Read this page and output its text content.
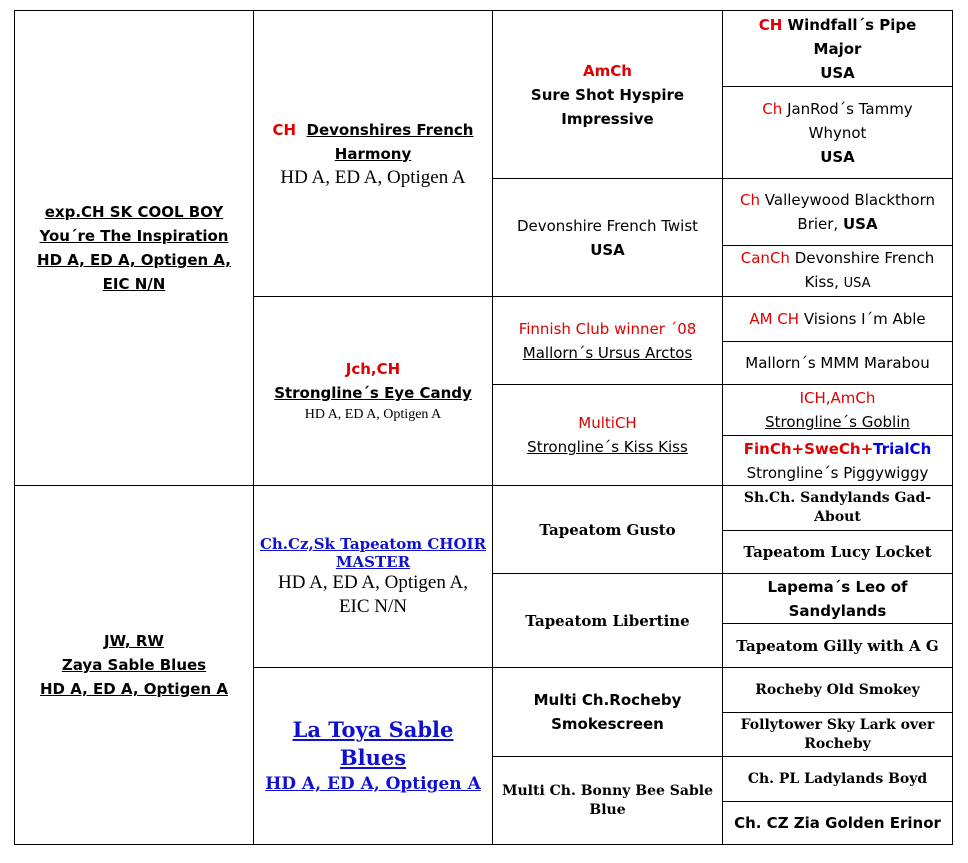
exp.CH SK COOL BOY
You´re The Inspiration
HD A, ED A, Optigen A,
EIC N/N	CH Devonshires French
Harmony
HD A, ED A, Optigen A	AmCh
Sure Shot Hyspire
Impressive	CH Windfall´s Pipe
Major
USA

			Ch JanRod´s Tammy
Whynot
USA

		Devonshire French Twist
USA	Ch Valleywood Blackthorn
Brier, USA

			CanCh Devonshire French
Kiss, USA

	Jch,CH
Strongline´s Eye Candy
HD A, ED A, Optigen A	Finnish Club winner ´08
Mallorn´s Ursus Arctos	AM CH Visions I´m Able

			Mallorn´s MMM Marabou

		MultiCH
Strongline´s Kiss Kiss	ICH,AmCh
Strongline´s Goblin

			FinCh+SweCh+TrialCh
Strongline´s Piggywiggy

JW, RW
Zaya Sable Blues
HD A, ED A, Optigen A	Ch.Cz,Sk Tapeatom CHOIR
MASTER
HD A, ED A, Optigen A,
EIC N/N	Tapeatom Gusto	Sh.Ch. Sandylands Gad-
About

			Tapeatom Lucy Locket

		Tapeatom Libertine	Lapema´s Leo of
Sandylands

			Tapeatom Gilly with A G

	La Toya Sable Blues
HD A, ED A, Optigen A	Multi Ch.Rocheby
Smokescreen	Rocheby Old Smokey

			Follytower Sky Lark over
Rocheby

		Multi Ch. Bonny Bee Sable
Blue	Ch. PL Ladylands Boyd

			Ch. CZ Zia Golden Erinor
